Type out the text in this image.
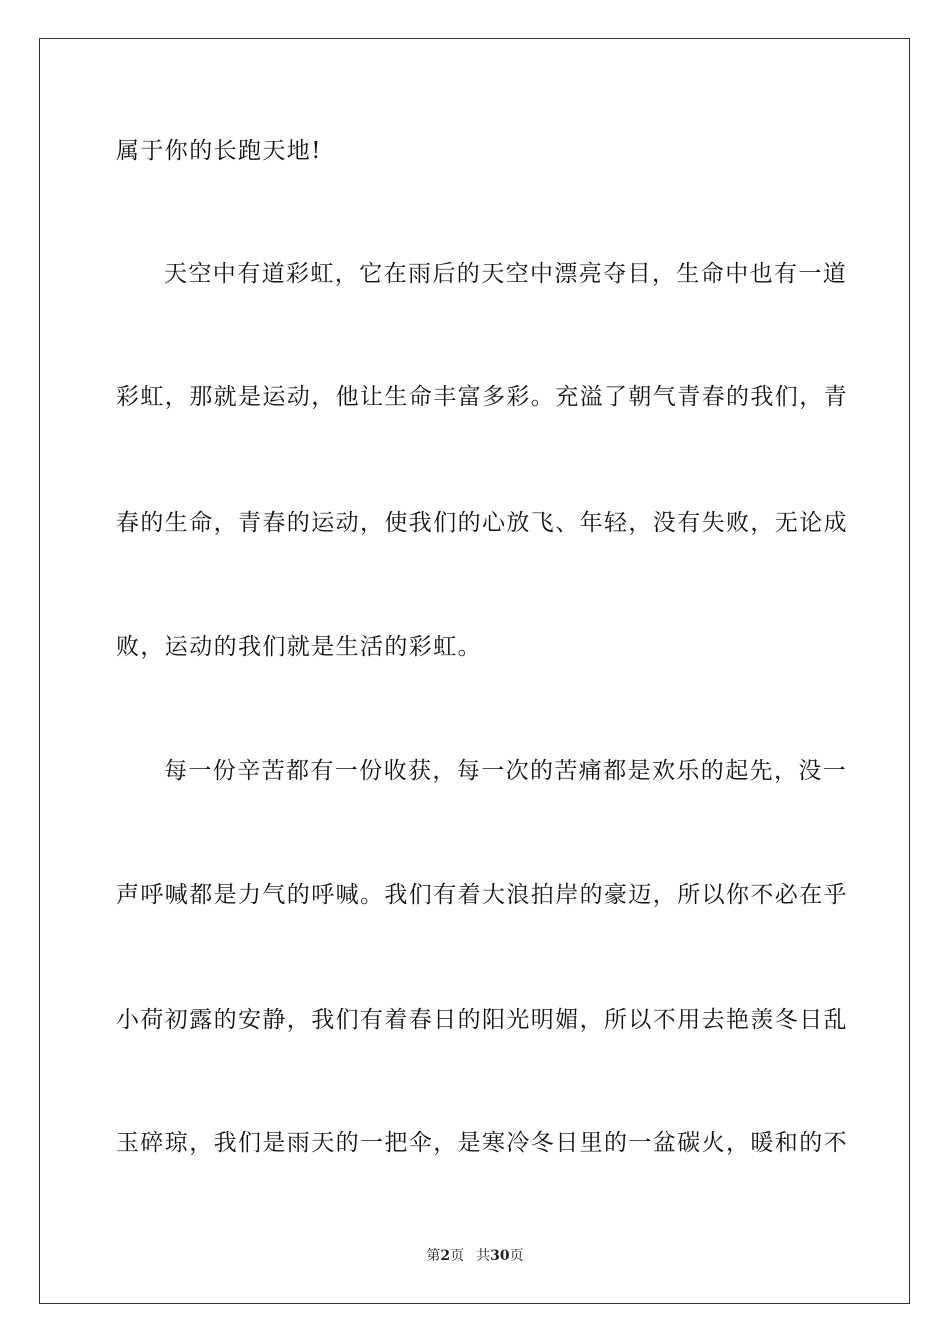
属于你的长跑天地!
天空中有道彩虹，它在雨后的天空中漂亮夺目，生命中也有一道
彩虹，那就是运动，他让生命丰富多彩。充溢了朝气青春的我们，青
春的生命，青春的运动，使我们的心放飞、年轻，没有失败，无论成
败，运动的我们就是生活的彩虹。
每一份辛苦都有一份收获，每一次的苦痛都是欢乐的起先，没一
声呼喊都是力气的呼喊。我们有着大浪拍岸的豪迈，所以你不必在乎
小荷初露的安静，我们有着春日的阳光明媚，所以不用去艳羡冬日乱
玉碎琼，我们是雨天的一把伞，是寒冷冬日里的一盆碳火，暖和的不
第2页 共30页
